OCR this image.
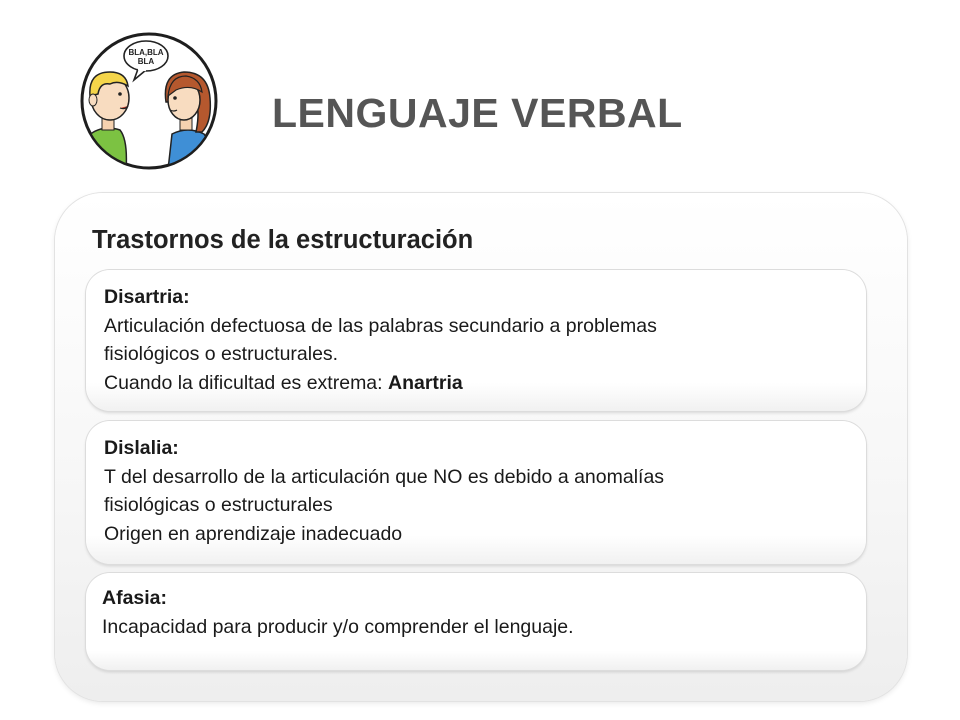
BLA,BLA
BLA
LENGUAJE VERBAL
Trastornos de la estructuración
Disartria:
Articulación defectuosa de las palabras secundario a problemas
fisiológicos o estructurales.
Cuando la dificultad es extrema: Anartria
Dislalia:
T del desarrollo de la articulación que NO es debido a anomalías
fisiológicas o estructurales
Origen en aprendizaje inadecuado
Afasia:
Incapacidad para producir y/o comprender el lenguaje.
